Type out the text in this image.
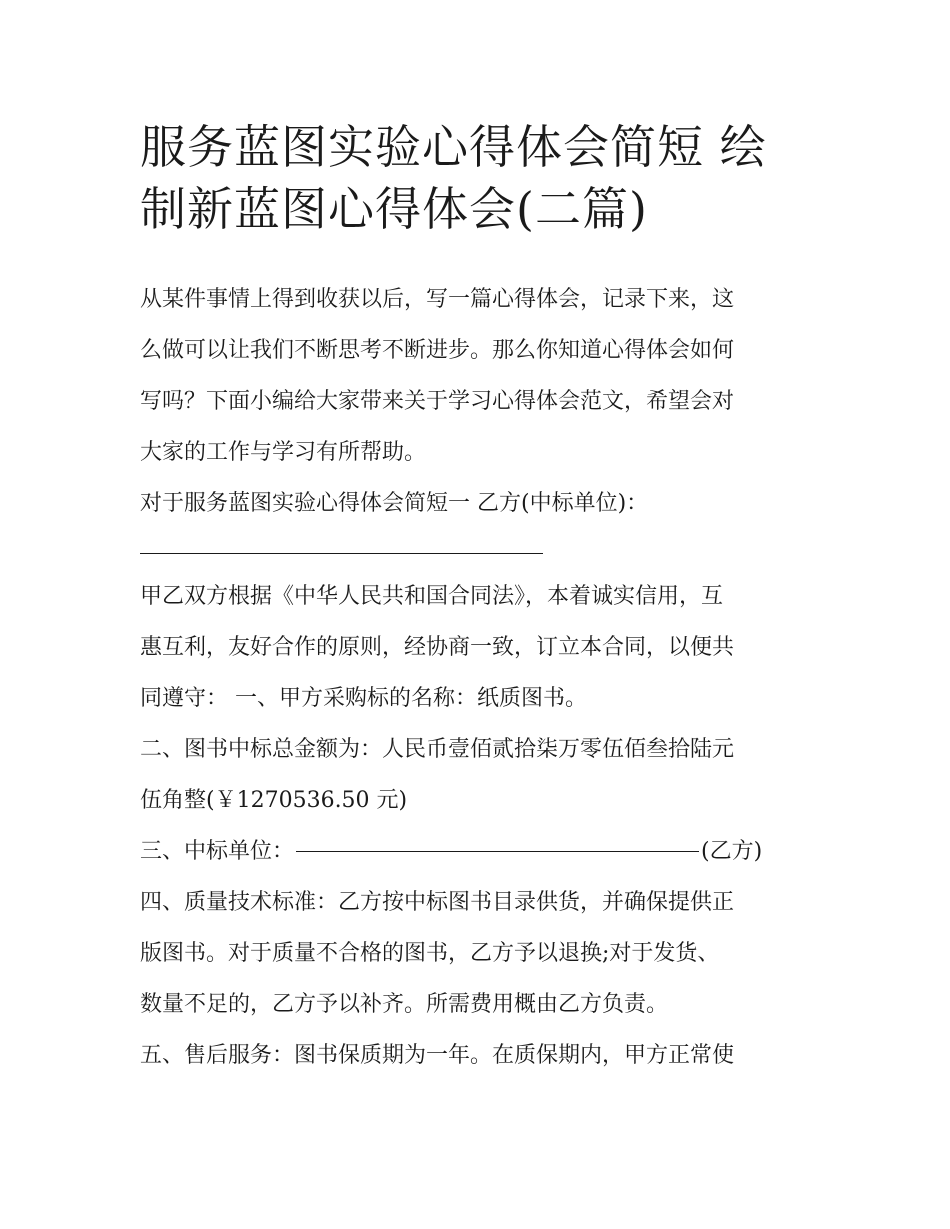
服务蓝图实验心得体会简短 绘
制新蓝图心得体会(二篇)
从某件事情上得到收获以后，写一篇心得体会，记录下来，这
么做可以让我们不断思考不断进步。那么你知道心得体会如何
写吗？下面小编给大家带来关于学习心得体会范文，希望会对
大家的工作与学习有所帮助。
对于服务蓝图实验心得体会简短一 乙方(中标单位)：
甲乙双方根据《中华人民共和国合同法》，本着诚实信用，互
惠互利，友好合作的原则，经协商一致，订立本合同，以便共
同遵守： 一、甲方采购标的名称：纸质图书。
二、图书中标总金额为：人民币壹佰贰拾柒万零伍佰叁拾陆元
伍角整(￥1270536.50 元)
三、中标单位：	(乙方)
四、质量技术标准：乙方按中标图书目录供货，并确保提供正
版图书。对于质量不合格的图书，乙方予以退换;对于发货、
数量不足的，乙方予以补齐。所需费用概由乙方负责。
五、售后服务：图书保质期为一年。在质保期内，甲方正常使
